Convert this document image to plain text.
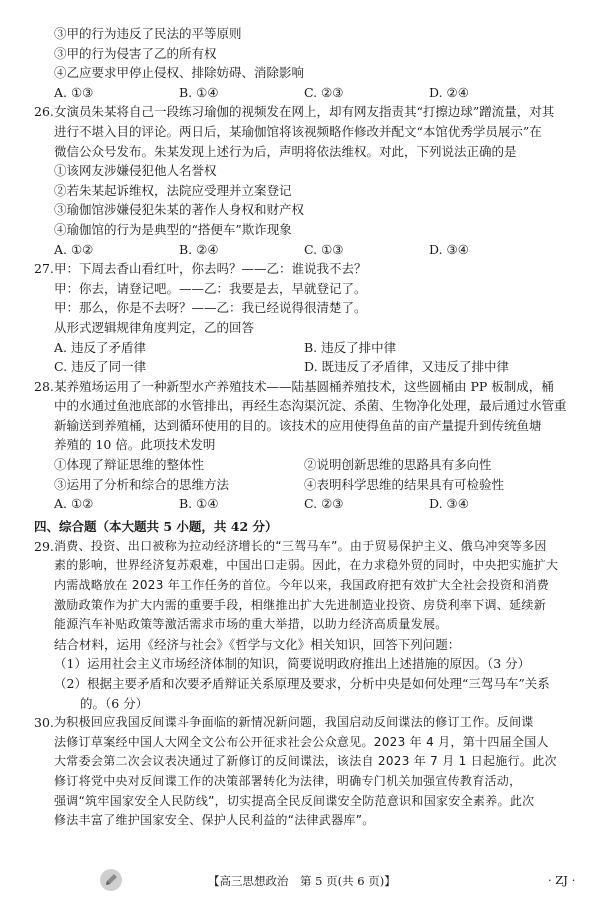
③甲的行为违反了民法的平等原则
③甲的行为侵害了乙的所有权
④乙应要求甲停止侵权、排除妨碍、消除影响
A. ①③	B. ①④	C. ②③	D. ②④
26. 女演员朱某将自己一段练习瑜伽的视频发在网上，却有网友指责其“打擦边球”蹭流量，对其
进行不堪入目的评论。两日后，某瑜伽馆将该视频略作修改并配文“本馆优秀学员展示”在
微信公众号发布。朱某发现上述行为后，声明将依法维权。对此，下列说法正确的是
①该网友涉嫌侵犯他人名誉权
②若朱某起诉维权，法院应受理并立案登记
③瑜伽馆涉嫌侵犯朱某的著作人身权和财产权
④瑜伽馆的行为是典型的“搭便车”欺诈现象
A. ①②	B. ②④	C. ①③	D. ③④
27. 甲：下周去香山看红叶，你去吗？——乙：谁说我不去？
甲：你去，请登记吧。——乙：我要是去，早就登记了。
甲：那么，你是不去呀？——乙：我已经说得很清楚了。
从形式逻辑规律角度判定，乙的回答
A. 违反了矛盾律	B. 违反了排中律
C. 违反了同一律	D. 既违反了矛盾律，又违反了排中律
28. 某养殖场运用了一种新型水产养殖技术——陆基圆桶养殖技术，这些圆桶由 PP 板制成，桶
中的水通过鱼池底部的水管排出，再经生态沟渠沉淀、杀菌、生物净化处理，最后通过水管重
新输送到养殖桶，达到循环使用的目的。该技术的应用使得鱼苗的亩产量提升到传统鱼塘
养殖的 10 倍。此项技术发明
①体现了辩证思维的整体性	②说明创新思维的思路具有多向性
③运用了分析和综合的思维方法	④表明科学思维的结果具有可检验性
A. ①②	B. ①④	C. ②③	D. ③④
四、综合题（本大题共 5 小题，共 42 分）
29. 消费、投资、出口被称为拉动经济增长的“三驾马车”。由于贸易保护主义、俄乌冲突等多因
素的影响，世界经济复苏艰难，中国出口走弱。因此，在力求稳外贸的同时，中央把实施扩大
内需战略放在 2023 年工作任务的首位。今年以来，我国政府把有效扩大全社会投资和消费
激励政策作为扩大内需的重要手段，相继推出扩大先进制造业投资、房贷利率下调、延续新
能源汽车补贴政策等激活需求市场的重大举措，以助力经济高质量发展。
结合材料，运用《经济与社会》《哲学与文化》相关知识，回答下列问题：
（1）运用社会主义市场经济体制的知识，简要说明政府推出上述措施的原因。（3 分）
（2）根据主要矛盾和次要矛盾辩证关系原理及要求，分析中央是如何处理“三驾马车”关系
的。（6 分）
30. 为积极回应我国反间谍斗争面临的新情况新问题，我国启动反间谍法的修订工作。反间谍
法修订草案经中国人大网全文公布公开征求社会公众意见。2023 年 4 月，第十四届全国人
大常委会第二次会议表决通过了新修订的反间谍法，该法自 2023 年 7 月 1 日起施行。此次
修订将党中央对反间谍工作的决策部署转化为法律，明确专门机关加强宣传教育活动，
强调“筑牢国家安全人民防线”，切实提高全民反间谍安全防范意识和国家安全素养。此次
修法丰富了维护国家安全、保护人民利益的“法律武器库”。
【高三思想政治　第 5 页(共 6 页)】	· ZJ ·
